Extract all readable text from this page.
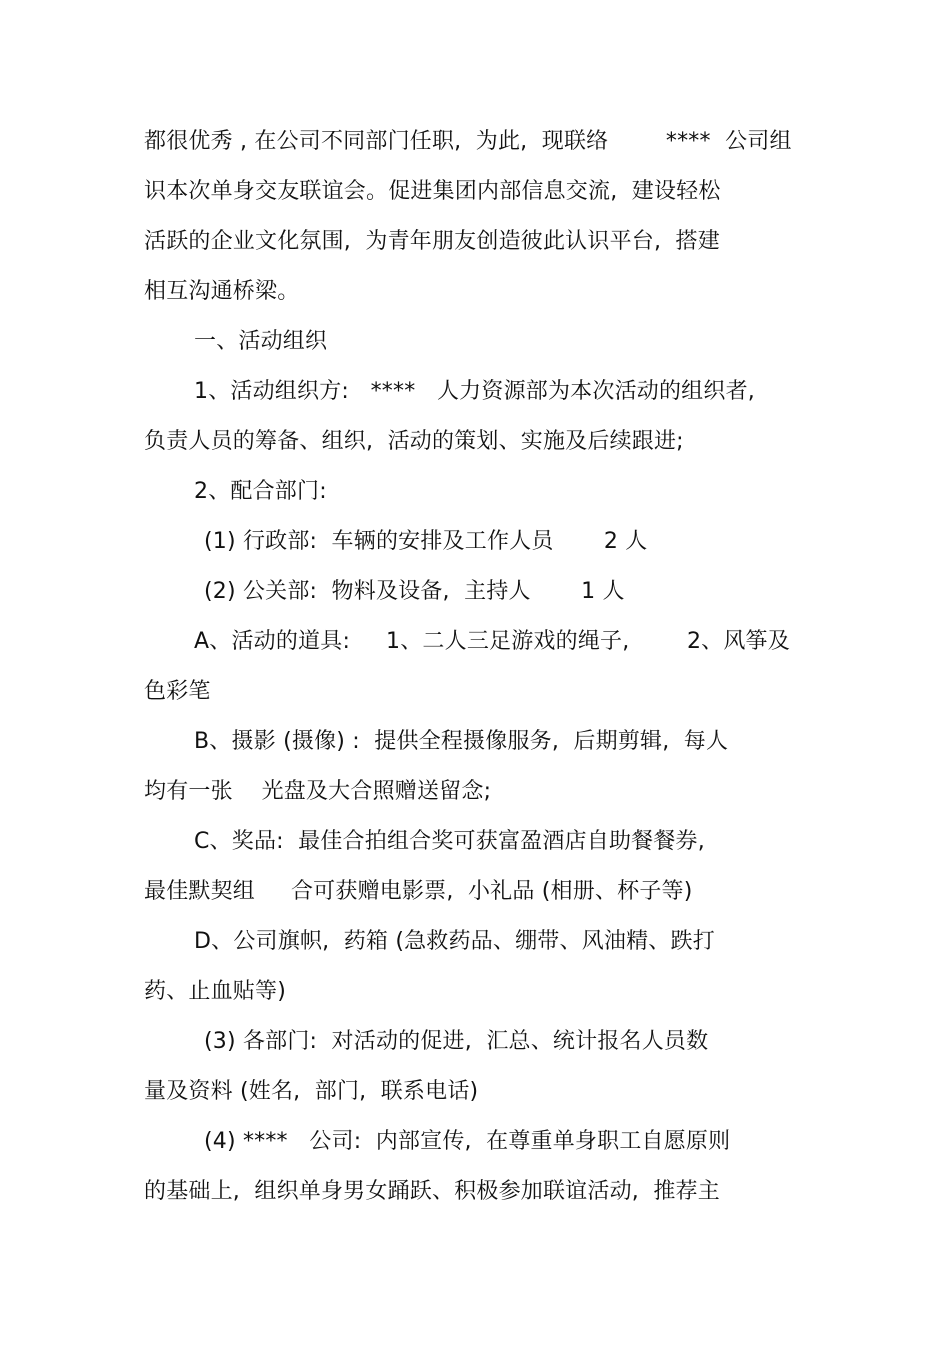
都很优秀 , 在公司不同部门任职,  为此,  现联络        ****  公司组
识本次单身交友联谊会。促进集团内部信息交流,  建设轻松
活跃的企业文化氛围,  为青年朋友创造彼此认识平台,  搭建
相互沟通桥梁。
一、活动组织
1、活动组织方:   ****   人力资源部为本次活动的组织者,
负责人员的筹备、组织,  活动的策划、实施及后续跟进;
2、配合部门:
(1) 行政部:  车辆的安排及工作人员       2 人
(2) 公关部:  物料及设备,  主持人       1 人
A、活动的道具:     1、二人三足游戏的绳子,        2、风筝及
色彩笔
B、摄影 (摄像) :  提供全程摄像服务,  后期剪辑,  每人
均有一张    光盘及大合照赠送留念;
C、奖品:  最佳合拍组合奖可获富盈酒店自助餐餐券,
最佳默契组     合可获赠电影票,  小礼品 (相册、杯子等)
D、公司旗帜,  药箱 (急救药品、绷带、风油精、跌打
药、止血贴等)
(3) 各部门:  对活动的促进,  汇总、统计报名人员数
量及资料 (姓名,  部门,  联系电话)
(4) ****   公司:  内部宣传,  在尊重单身职工自愿原则
的基础上,  组织单身男女踊跃、积极参加联谊活动,  推荐主
